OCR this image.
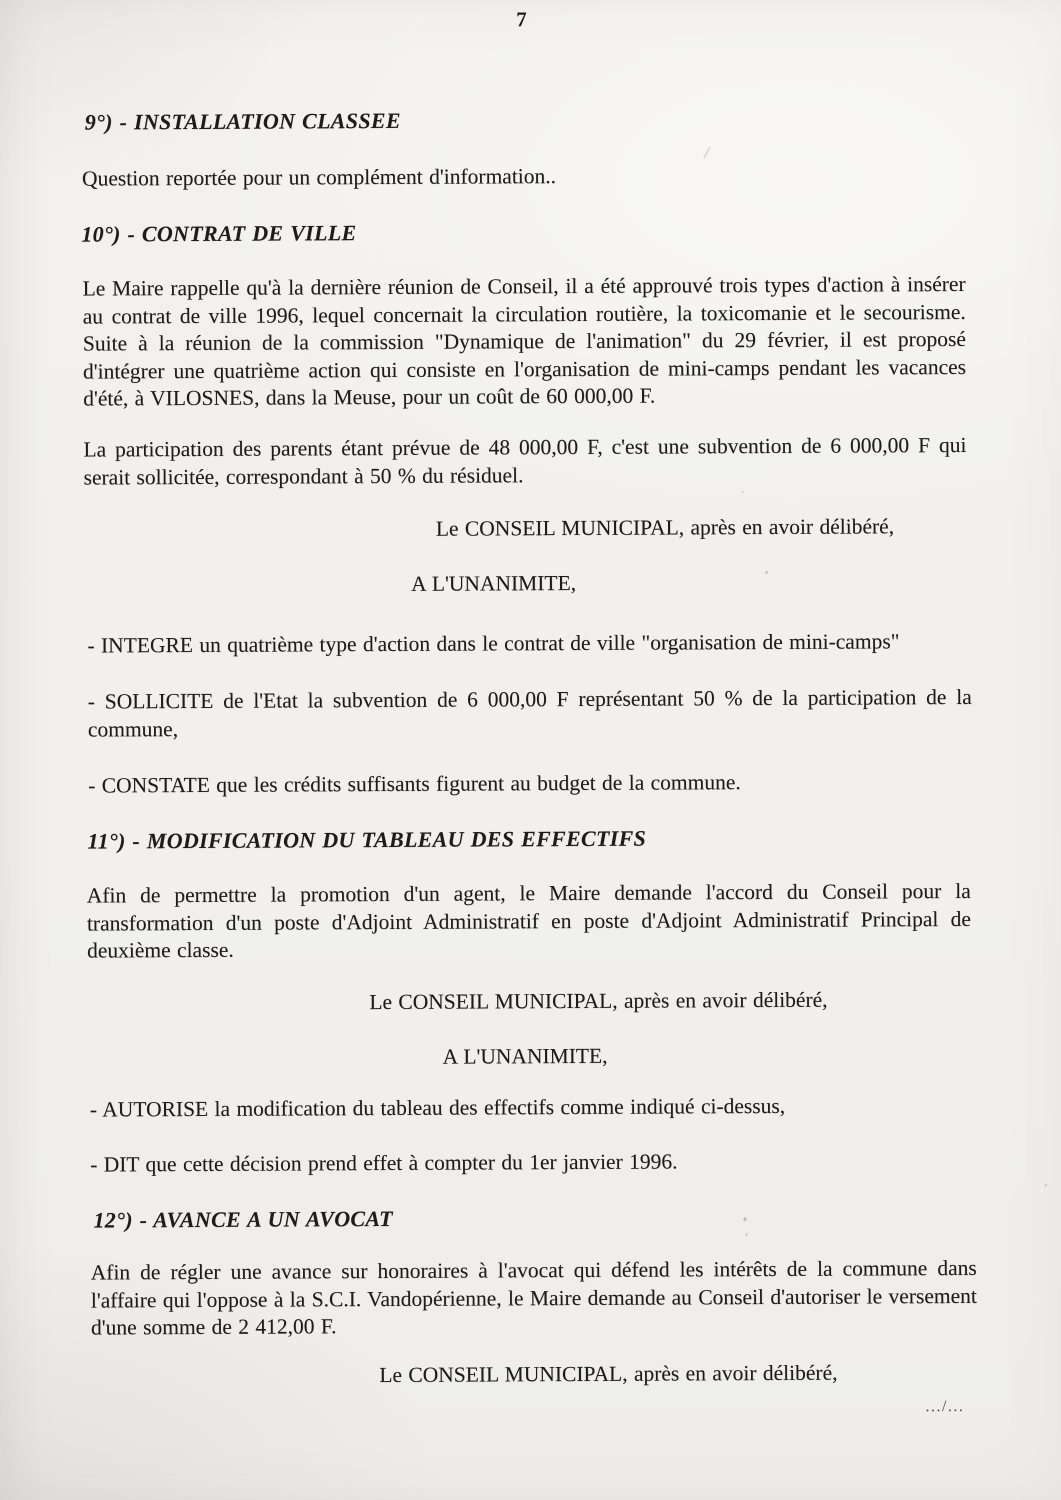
7
9°) - INSTALLATION CLASSEE
Question reportée pour un complément d'information..
10°) - CONTRAT DE VILLE
Le Maire rappelle qu'à la dernière réunion de Conseil, il a été approuvé trois types d'action à insérer au contrat de ville 1996, lequel concernait la circulation routière, la toxicomanie et le secourisme. Suite à la réunion de la commission "Dynamique de l'animation" du 29 février, il est proposé d'intégrer une quatrième action qui consiste en l'organisation de mini-camps pendant les vacances d'été, à VILOSNES, dans la Meuse, pour un coût de 60 000,00 F.
La participation des parents étant prévue de 48 000,00 F, c'est une subvention de 6 000,00 F qui serait sollicitée, correspondant à 50 % du résiduel.
Le CONSEIL MUNICIPAL, après en avoir délibéré,
A L'UNANIMITE,
- INTEGRE un quatrième type d'action dans le contrat de ville "organisation de mini-camps"
- SOLLICITE de l'Etat la subvention de 6 000,00 F représentant 50 % de la participation de la commune,
- CONSTATE que les crédits suffisants figurent au budget de la commune.
11°) - MODIFICATION DU TABLEAU DES EFFECTIFS
Afin de permettre la promotion d'un agent, le Maire demande l'accord du Conseil pour la transformation d'un poste d'Adjoint Administratif en poste d'Adjoint Administratif Principal de deuxième classe.
Le CONSEIL MUNICIPAL, après en avoir délibéré,
A L'UNANIMITE,
- AUTORISE la modification du tableau des effectifs comme indiqué ci-dessus,
- DIT que cette décision prend effet à compter du 1er janvier 1996.
12°) - AVANCE A UN AVOCAT
Afin de régler une avance sur honoraires à l'avocat qui défend les intérêts de la commune dans l'affaire qui l'oppose à la S.C.I. Vandopérienne, le Maire demande au Conseil d'autoriser le versement d'une somme de 2 412,00 F.
Le CONSEIL MUNICIPAL, après en avoir délibéré,
.../...
